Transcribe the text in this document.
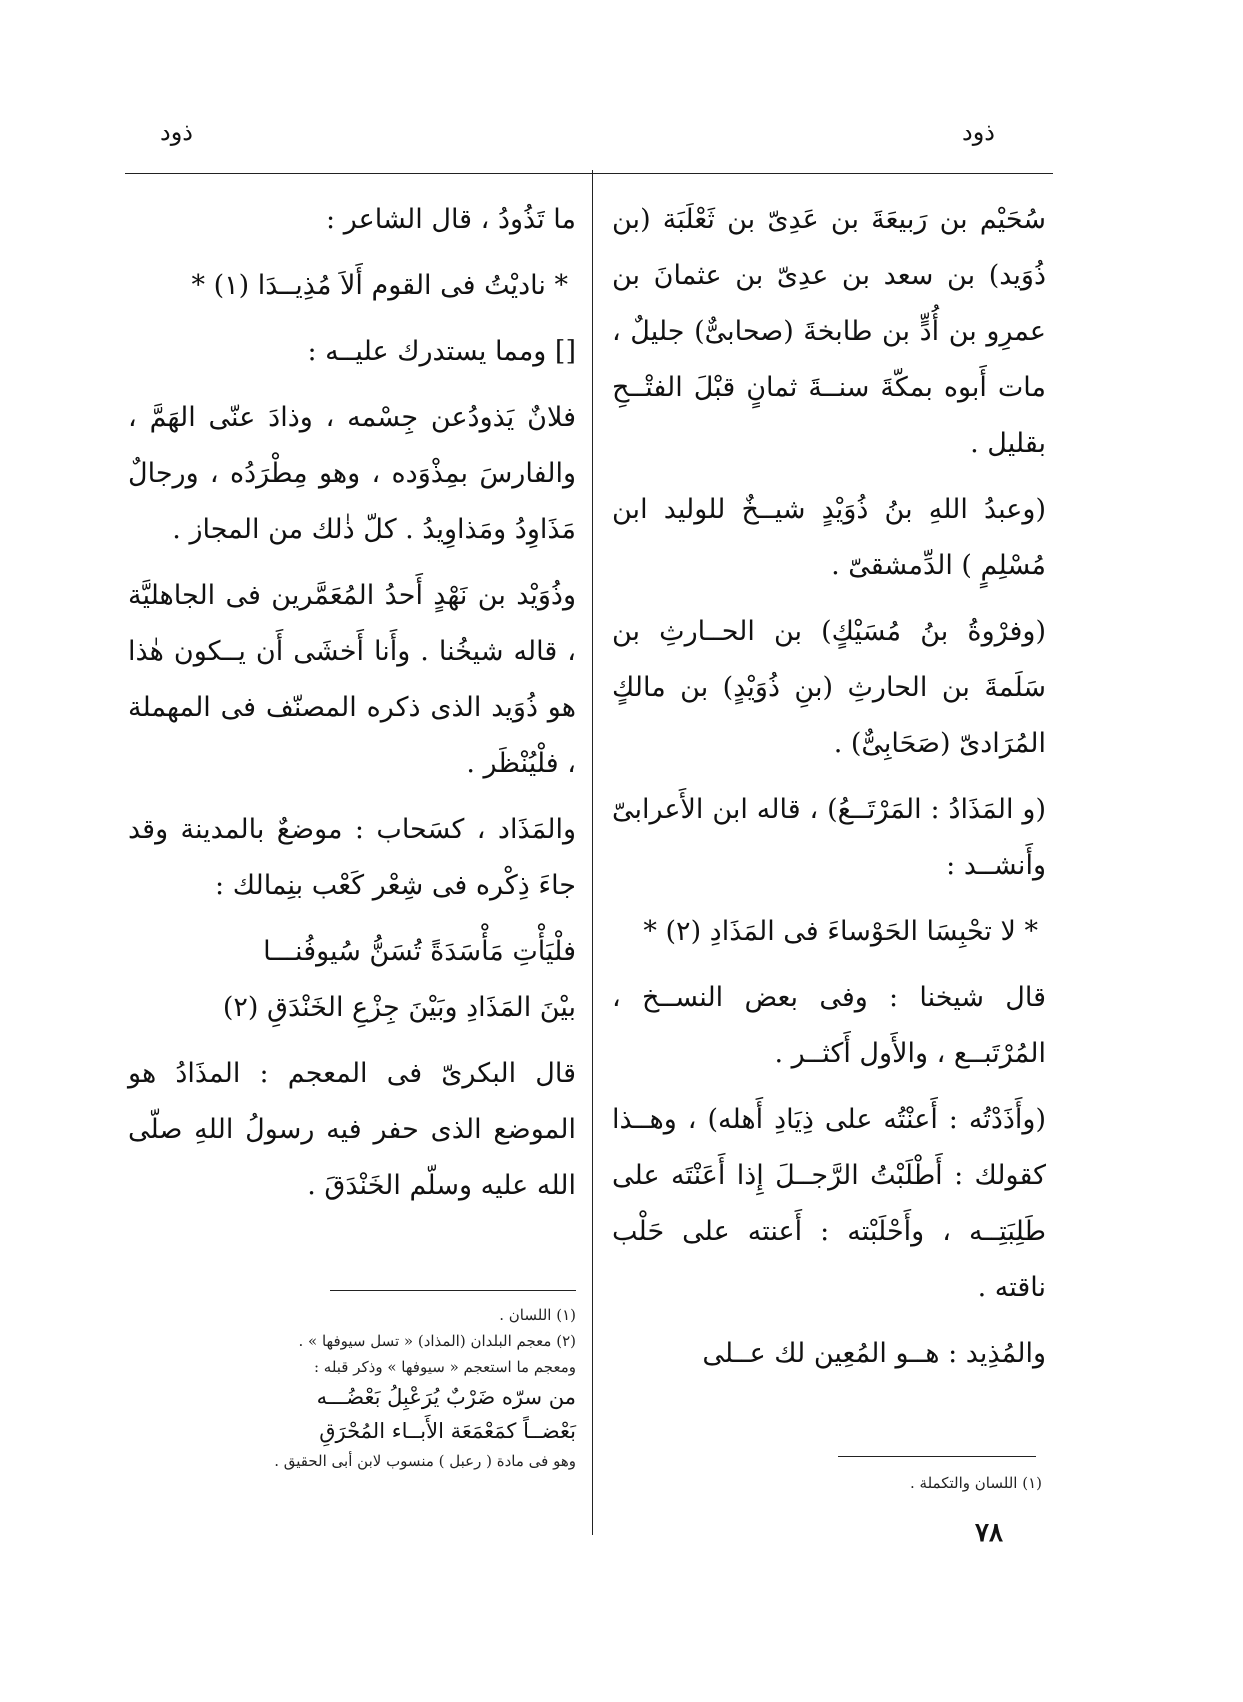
ذود
ذود

سُحَيْم بن رَبيعَةَ بن عَدِىّ بن ثَعْلَبَة (بن ذُوَيد) بن سعد بن عدِىّ بن عثمانَ بن عمرِو بن أُدٍّ بن طابخةَ (صحابىٌّ) جليلٌ ، مات أَبوه بمكّةَ سنــةَ ثمانٍ قبْلَ الفتْــحِ بقليل .

(وعبدُ اللهِ بنُ ذُوَيْدٍ شيــخٌ للوليد ابن مُسْلِمٍ ) الدِّمشقىّ .

(وفرْوةُ بنُ مُسَيْكٍ) بن الحــارثِ بن سَلَمةَ بن الحارثِ (بنِ ذُوَيْدٍ) بن مالكٍ المُرَادىّ (صَحَابِىٌّ) .

(و المَذَادُ : المَرْتَــعُ) ، قاله ابن الأَعرابىّ وأَنشــد :

* لا تحْبِسَا الحَوْساءَ فى المَذَادِ (٢) *

قال شيخنا : وفى بعض النســخ ، المُرْتَبــع ، والأَول أَكثــر .

(وأَذَدْتُه : أَعنْتُه على ذِيَادِ أَهله) ، وهــذا كقولك : أَطْلَبْتُ الرَّجــلَ إِذا أَعَنْتَه على طَلِبَتِــه ، وأَحْلَبْته : أَعنته على حَلْب ناقته .

والمُذِيد : هــو المُعِين لك عــلى

ما تَذُودُ ، قال الشاعر :

* ناديْتُ فى القوم أَلاَ مُذِيــدَا (١) *

[] ومما يستدرك عليــه :

فلانٌ يَذودُعن جِسْمه ، وذادَ عنّى الهَمَّ ، والفارسَ بمِذْوَده ، وهو مِطْرَدُه ، ورجالٌ مَذَاوِدُ ومَذاوِيدُ . كلّ ذٰلك من المجاز .

وذُوَيْد بن نَهْدٍ أَحدُ المُعَمَّرين فى الجاهليَّة ، قاله شيخُنا . وأَنا أَخشَى أَن يــكون هٰذا هو ذُوَيد الذى ذكره المصنّف فى المهملة ، فلْيُنْظَر .

والمَذَاد ، كسَحاب : موضعٌ بالمدينة وقد جاءَ ذِكْره فى شِعْر كَعْب بنِمالك :

فلْيَأْتِ مَأْسَدَةً تُسَنُّ سُيوفُنـــا
بيْنَ المَذَادِ وبَيْنَ جِزْعِ الخَنْدَقِ (٢)

قال البكرىّ فى المعجم : المذَادُ هو الموضع الذى حفر فيه رسولُ اللهِ صلّى الله عليه وسلّم الخَنْدَقَ .

(١) اللسان والتكملة .
(١) اللسان .
(٢) معجم البلدان (المذاد) « تسل سيوفها » .
ومعجم ما استعجم « سيوفها » وذكر قبله :
من سرّه ضَرْبٌ يُرَعْبِلُ بَعْضُـــه
بَعْضــاً كمَعْمَعَة الأَبــاء المُحْرَقِ
وهو فى مادة ( رعبل ) منسوب لابن أبى الحقيق .
٧٨
